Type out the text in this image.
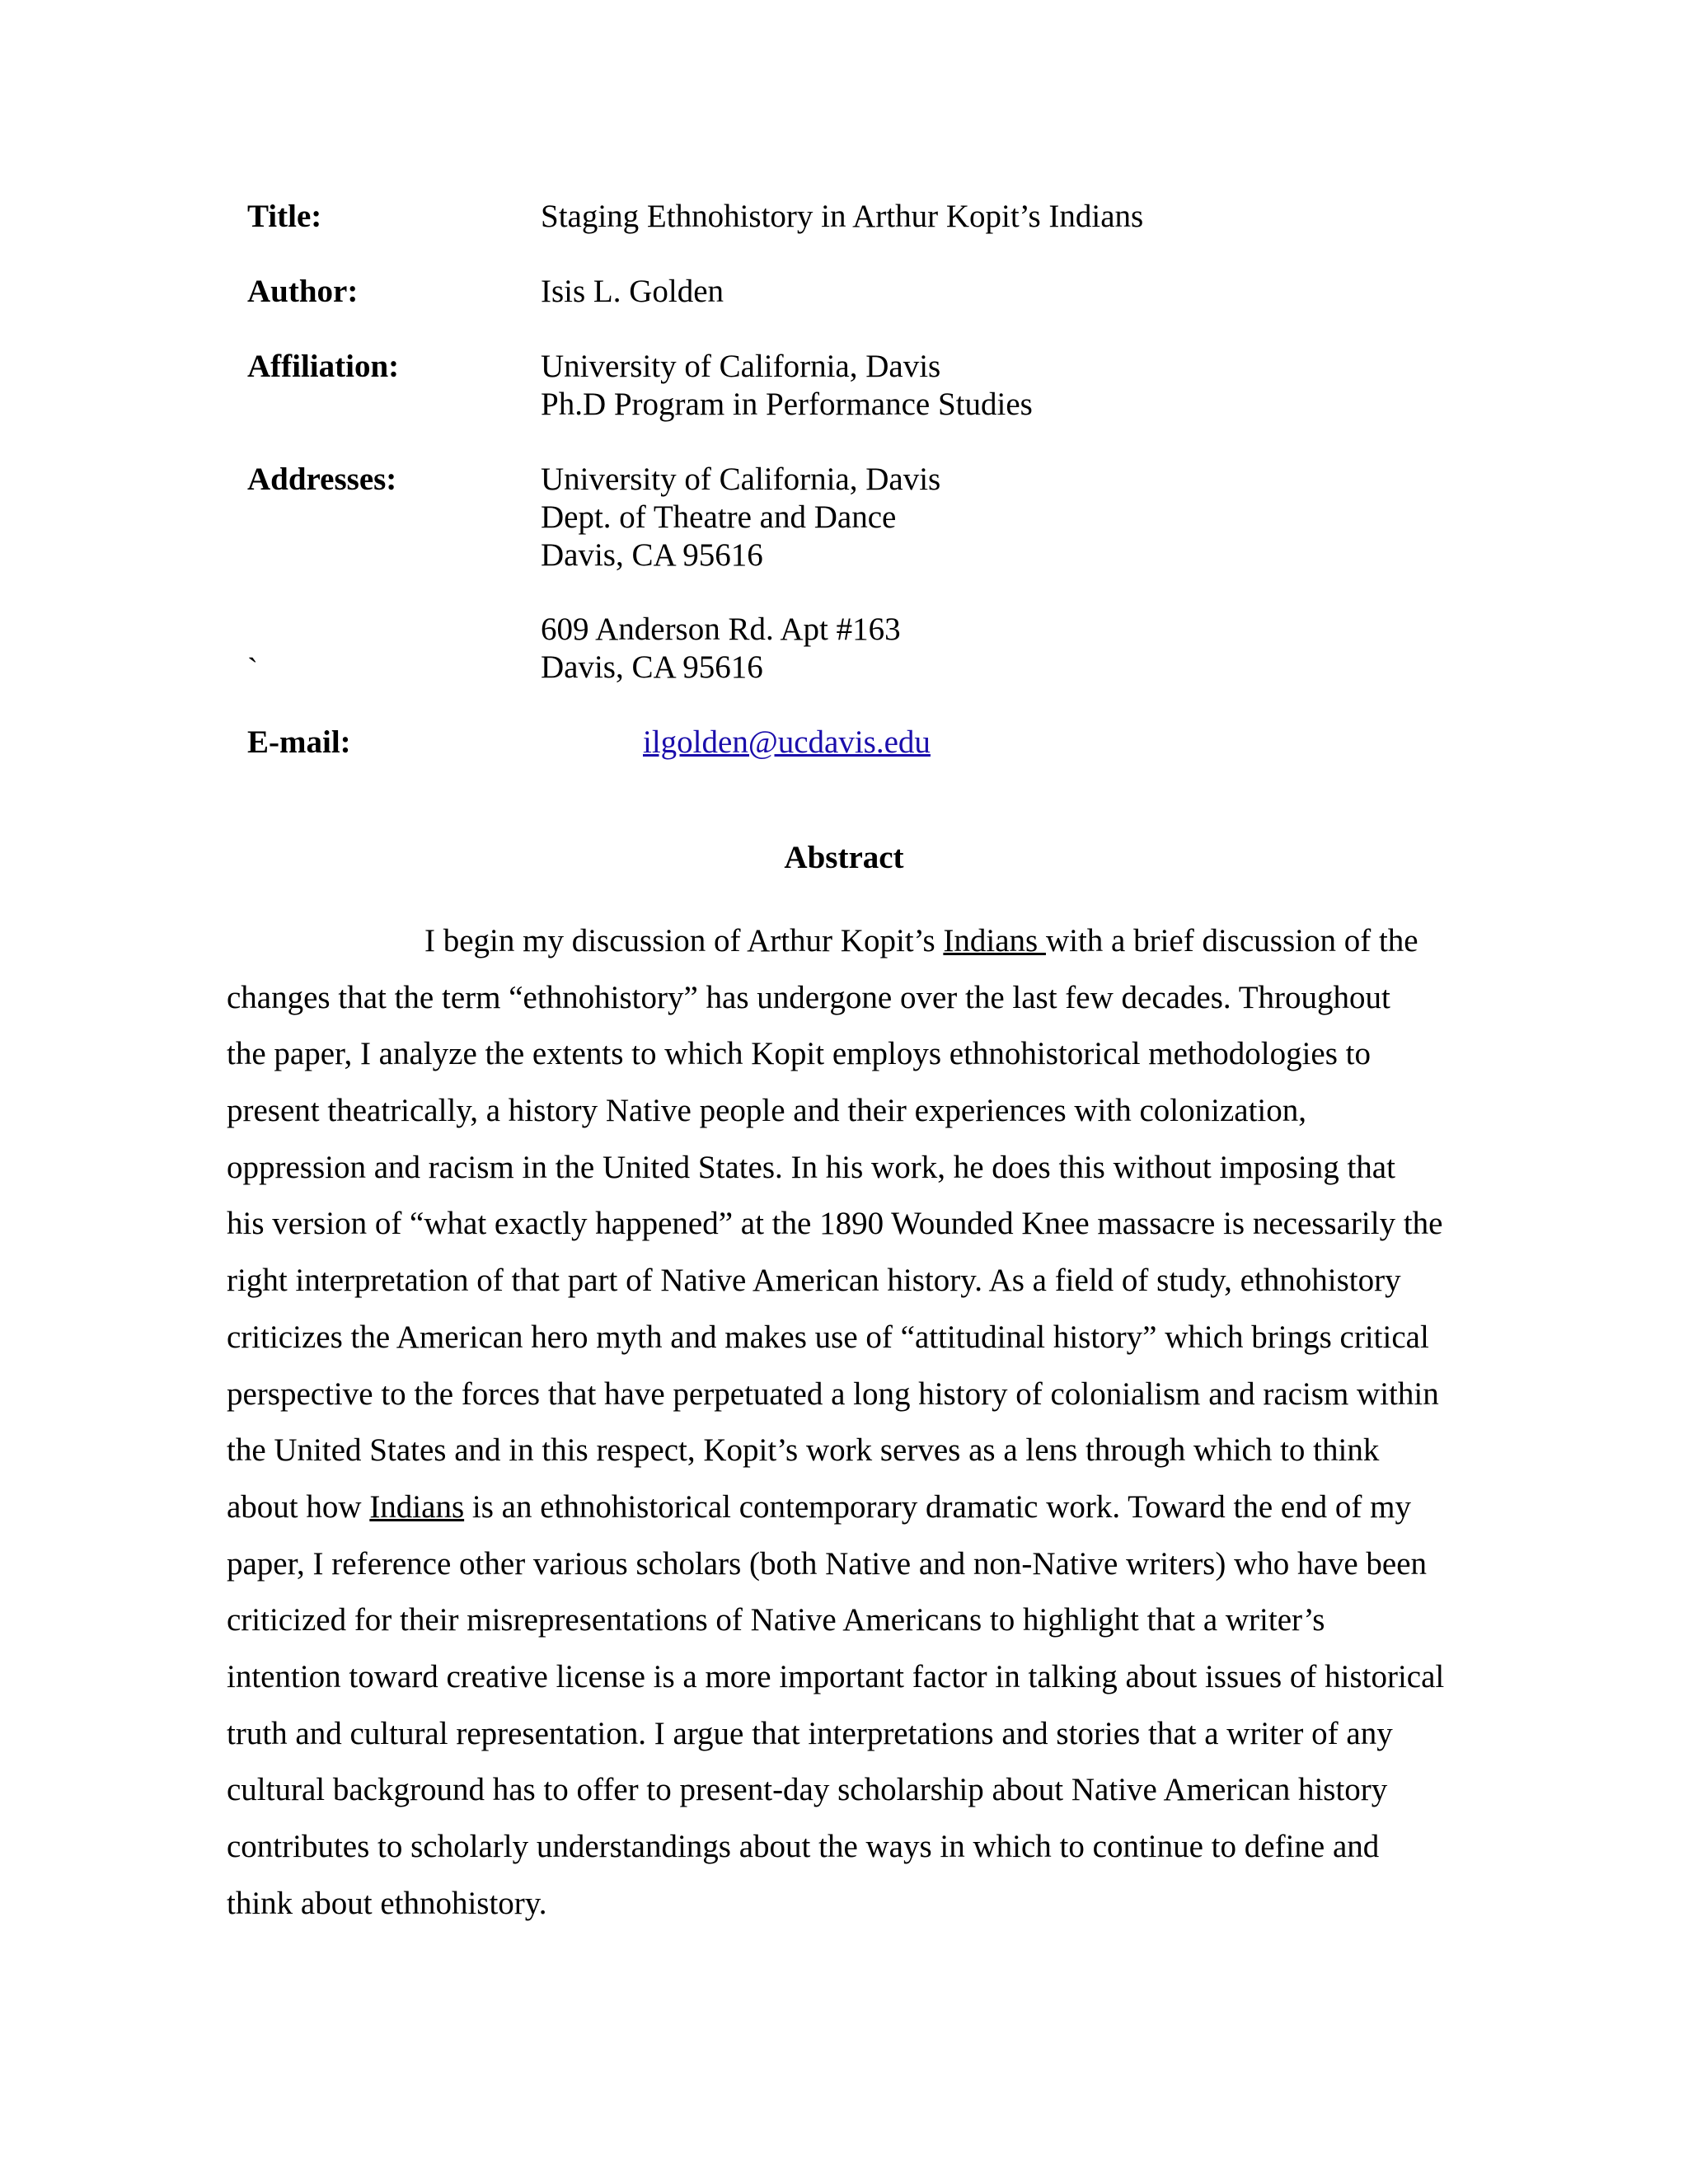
Title:	Staging Ethnohistory in Arthur Kopit’s Indians
Author:	Isis L. Golden
Affiliation:	University of California, Davis
Ph.D Program in Performance Studies
Addresses:	University of California, Davis
Dept. of Theatre and Dance
Davis, CA 95616
609 Anderson Rd. Apt #163
Davis, CA 95616
`
E-mail:	ilgolden@ucdavis.edu
Abstract
I begin my discussion of Arthur Kopit’s Indians with a brief discussion of the
changes that the term “ethnohistory” has undergone over the last few decades. Throughout
the paper, I analyze the extents to which Kopit employs ethnohistorical methodologies to
present theatrically, a history Native people and their experiences with colonization,
oppression and racism in the United States. In his work, he does this without imposing that
his version of “what exactly happened” at the 1890 Wounded Knee massacre is necessarily the
right interpretation of that part of Native American history. As a field of study, ethnohistory
criticizes the American hero myth and makes use of “attitudinal history” which brings critical
perspective to the forces that have perpetuated a long history of colonialism and racism within
the United States and in this respect, Kopit’s work serves as a lens through which to think
about how Indians is an ethnohistorical contemporary dramatic work. Toward the end of my
paper, I reference other various scholars (both Native and non-Native writers) who have been
criticized for their misrepresentations of Native Americans to highlight that a writer’s
intention toward creative license is a more important factor in talking about issues of historical
truth and cultural representation. I argue that interpretations and stories that a writer of any
cultural background has to offer to present-day scholarship about Native American history
contributes to scholarly understandings about the ways in which to continue to define and
think about ethnohistory.
